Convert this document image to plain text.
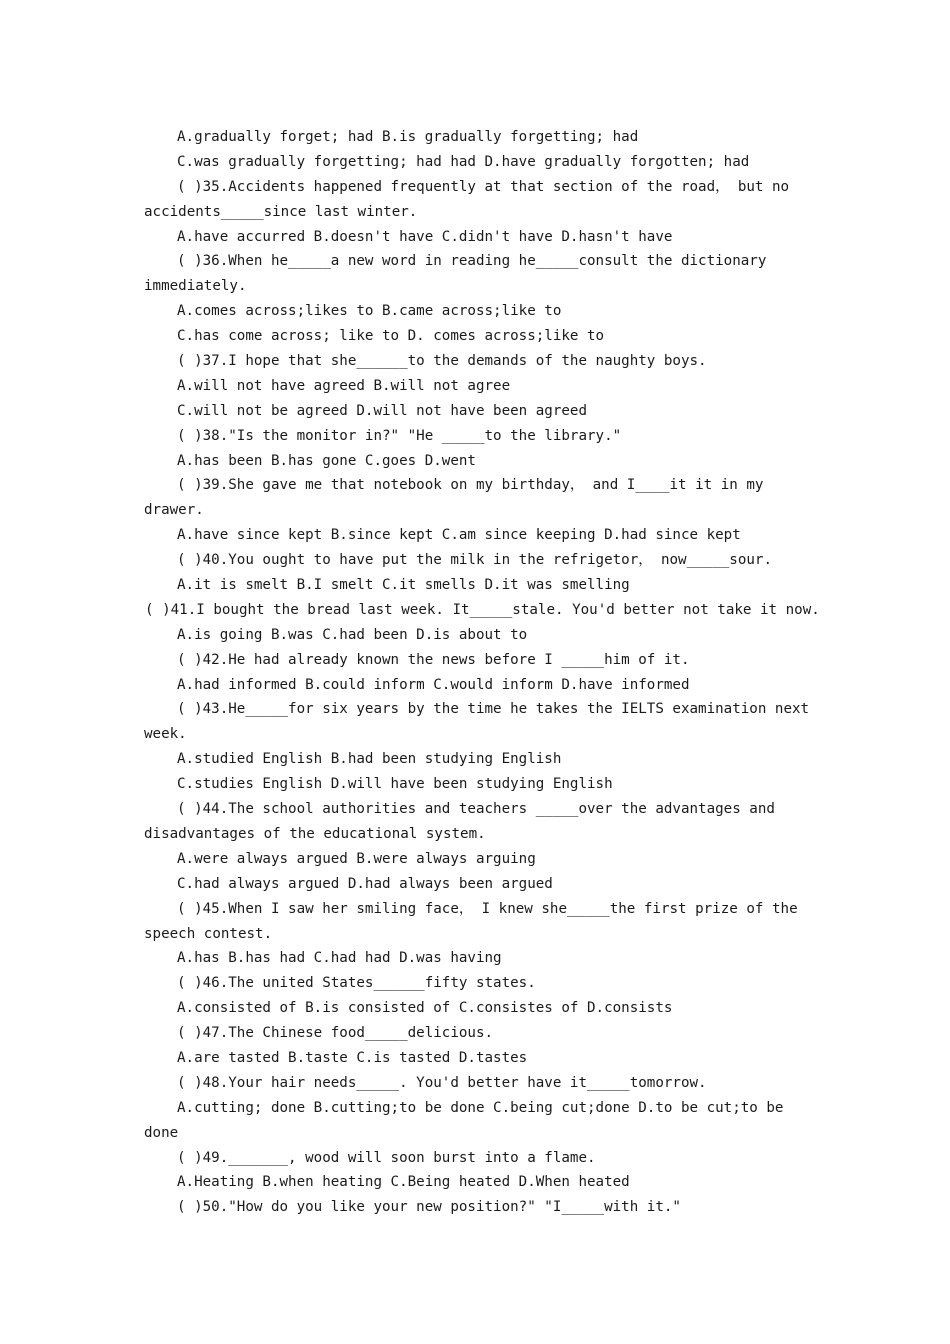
A.gradually forget; had B.is gradually forgetting; had
C.was gradually forgetting; had had D.have gradually forgotten; had
( )35.Accidents happened frequently at that section of the road， but no
accidents_____since last winter.
A.have accurred B.doesn't have C.didn't have D.hasn't have
( )36.When he_____a new word in reading he_____consult the dictionary
immediately.
A.comes across;likes to B.came across;like to
C.has come across; like to D. comes across;like to
( )37.I hope that she______to the demands of the naughty boys.
A.will not have agreed B.will not agree
C.will not be agreed D.will not have been agreed
( )38."Is the monitor in?" "He _____to the library."
A.has been B.has gone C.goes D.went
( )39.She gave me that notebook on my birthday， and I____it it in my
drawer.
A.have since kept B.since kept C.am since keeping D.had since kept
( )40.You ought to have put the milk in the refrigetor， now_____sour.
A.it is smelt B.I smelt C.it smells D.it was smelling
( )41.I bought the bread last week. It_____stale. You'd better not take it now.
A.is going B.was C.had been D.is about to
( )42.He had already known the news before I _____him of it.
A.had informed B.could inform C.would inform D.have informed
( )43.He_____for six years by the time he takes the IELTS examination next
week.
A.studied English B.had been studying English
C.studies English D.will have been studying English
( )44.The school authorities and teachers _____over the advantages and
disadvantages of the educational system.
A.were always argued B.were always arguing
C.had always argued D.had always been argued
( )45.When I saw her smiling face， I knew she_____the first prize of the
speech contest.
A.has B.has had C.had had D.was having
( )46.The united States______fifty states.
A.consisted of B.is consisted of C.consistes of D.consists
( )47.The Chinese food_____delicious.
A.are tasted B.taste C.is tasted D.tastes
( )48.Your hair needs_____. You'd better have it_____tomorrow.
A.cutting; done B.cutting;to be done C.being cut;done D.to be cut;to be
done
( )49._______, wood will soon burst into a flame.
A.Heating B.when heating C.Being heated D.When heated
( )50."How do you like your new position?" "I_____with it."
